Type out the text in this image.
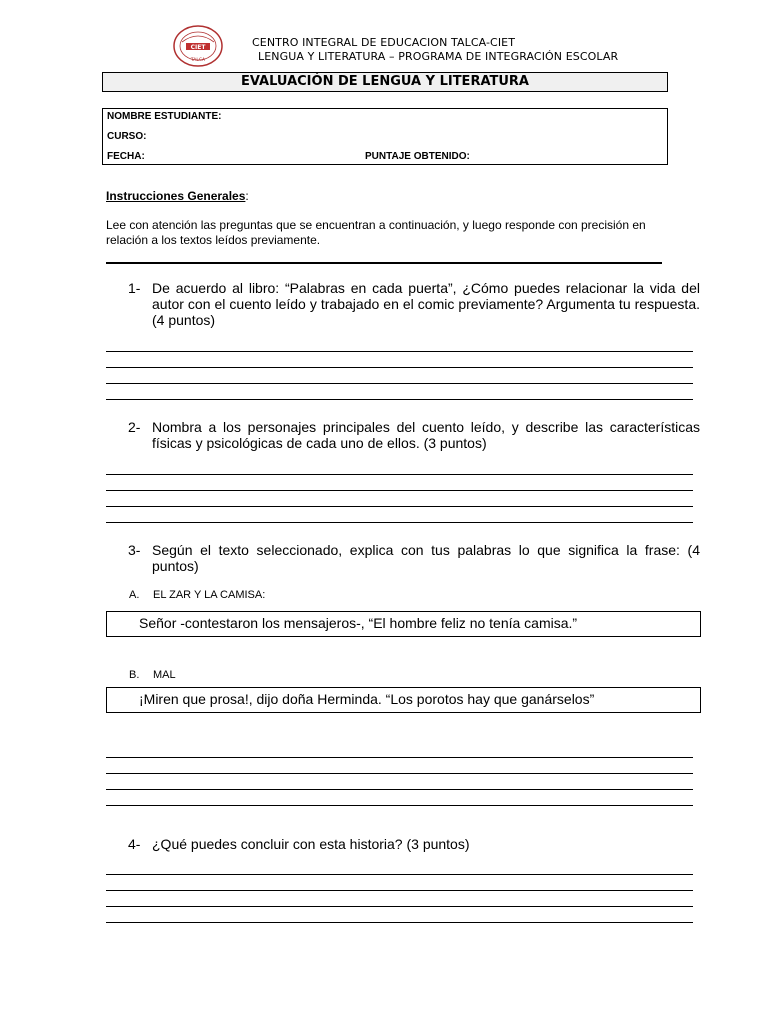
CIET
TALCA
CENTRO INTEGRAL DE EDUCACION TALCA-CIET
LENGUA Y LITERATURA – PROGRAMA DE INTEGRACIÓN ESCOLAR
EVALUACIÓN DE LENGUA Y LITERATURA
NOMBRE ESTUDIANTE:
CURSO:
FECHA:	PUNTAJE OBTENIDO:
Instrucciones Generales:
Lee con atención las preguntas que se encuentran a continuación, y luego responde con precisión en relación a los textos leídos previamente.
1- De acuerdo al libro: “Palabras en cada puerta”, ¿Cómo puedes relacionar la vida del autor con el cuento leído y trabajado en el comic previamente? Argumenta tu respuesta. (4 puntos)
2- Nombra a los personajes principales del cuento leído, y describe las características físicas y psicológicas de cada uno de ellos. (3 puntos)
3- Según el texto seleccionado, explica con tus palabras lo que significa la frase: (4 puntos)
A. EL ZAR Y LA CAMISA:
Señor -contestaron los mensajeros-, “El hombre feliz no tenía camisa.”
B. MAL
¡Miren que prosa!, dijo doña Herminda. “Los porotos hay que ganárselos”
4- ¿Qué puedes concluir con esta historia? (3 puntos)
